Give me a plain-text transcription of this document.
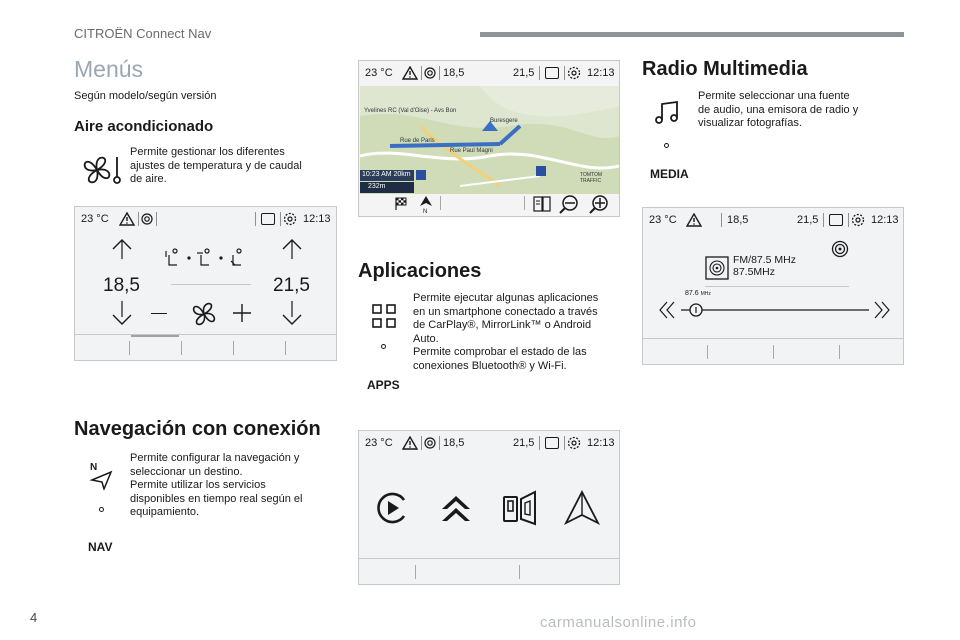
CITROËN Connect Nav
Menús
Según modelo/según versión
Aire acondicionado
Permite gestionar los diferentes
ajustes de temperatura y de caudal
de aire.
23 °C	12:13
18,5	21,5
Navegación con conexión
N
NAV
Permite configurar la navegación y
seleccionar un destino.
Permite utilizar los servicios
disponibles en tiempo real según el
equipamiento.
23 °C	18,5	21,5	12:13
Yvelines RC (Val d'Oise) - Avs Bon
Buresgere
Rue de Paris
Rue Paul Magni
10:23 AM 20km
232m
TOMTOM
TRAFFIC
N
Aplicaciones
APPS
Permite ejecutar algunas aplicaciones
en un smartphone conectado a través
de CarPlay®, MirrorLink™ o Android
Auto.
Permite comprobar el estado de las
conexiones Bluetooth® y Wi-Fi.
23 °C	18,5	21,5	12:13
Radio Multimedia
MEDIA
Permite seleccionar una fuente
de audio, una emisora de radio y
visualizar fotografías.
23 °C	18,5	21,5	12:13
FM/87.5 MHz
87.5MHz
87.6 MHz
4	carmanualsonline.info
